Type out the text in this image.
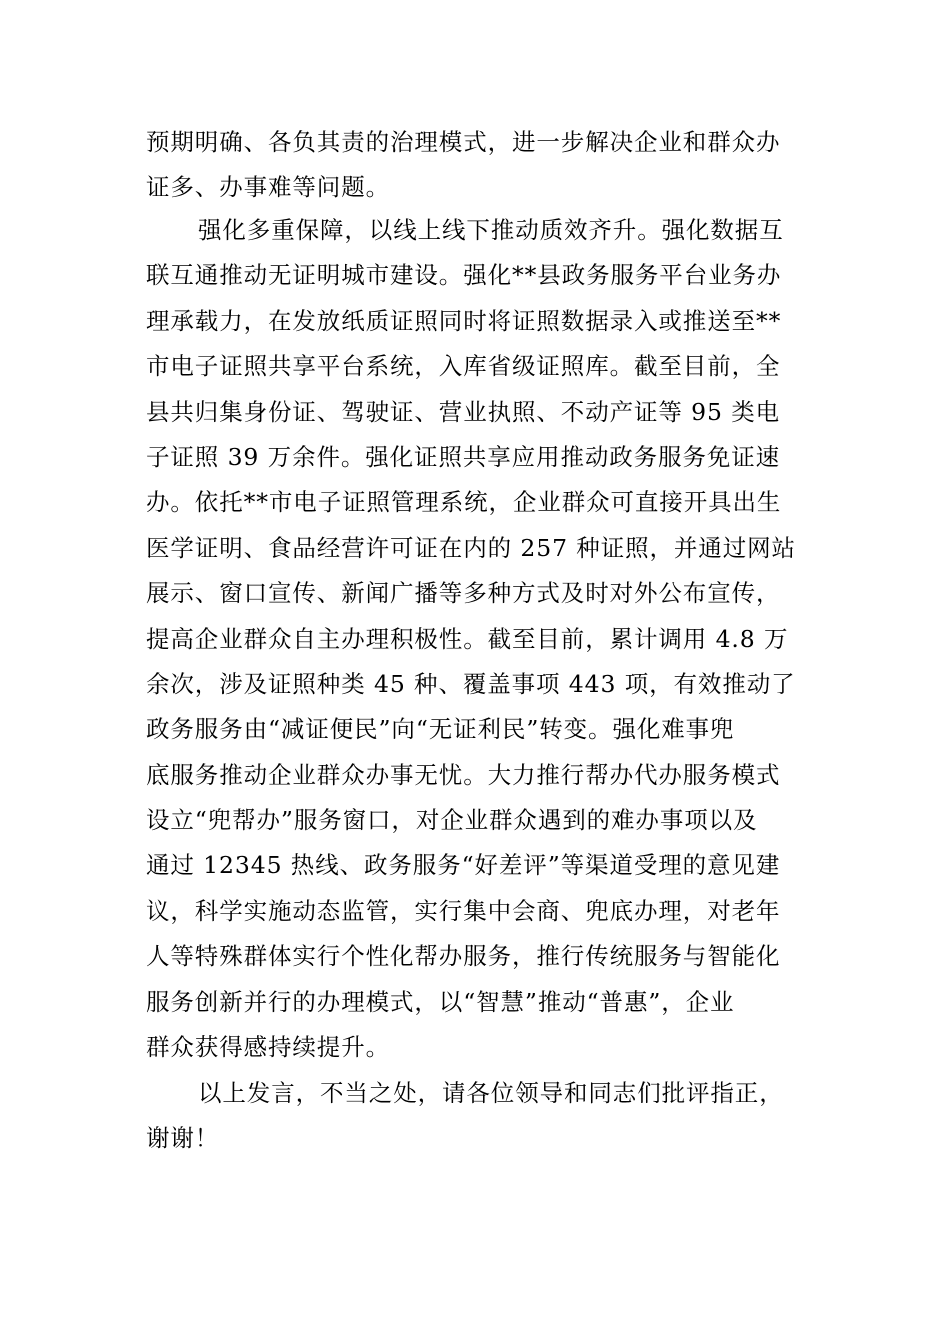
预期明确、各负其责的治理模式，进一步解决企业和群众办
证多、办事难等问题。
强化多重保障，以线上线下推动质效齐升。强化数据互
联互通推动无证明城市建设。强化**县政务服务平台业务办
理承载力，在发放纸质证照同时将证照数据录入或推送至**
市电子证照共享平台系统，入库省级证照库。截至目前，全
县共归集身份证、驾驶证、营业执照、不动产证等 95 类电
子证照 39 万余件。强化证照共享应用推动政务服务免证速
办。依托**市电子证照管理系统，企业群众可直接开具出生
医学证明、食品经营许可证在内的 257 种证照，并通过网站
展示、窗口宣传、新闻广播等多种方式及时对外公布宣传，
提高企业群众自主办理积极性。截至目前，累计调用 4.8 万
余次，涉及证照种类 45 种、覆盖事项 443 项，有效推动了
政务服务由“减证便民”向“无证利民”转变。强化难事兜
底服务推动企业群众办事无忧。大力推行帮办代办服务模式
设立“兜帮办”服务窗口，对企业群众遇到的难办事项以及
通过 12345 热线、政务服务“好差评”等渠道受理的意见建
议，科学实施动态监管，实行集中会商、兜底办理，对老年
人等特殊群体实行个性化帮办服务，推行传统服务与智能化
服务创新并行的办理模式，以“智慧”推动“普惠”，企业
群众获得感持续提升。
以上发言，不当之处，请各位领导和同志们批评指正，
谢谢！
